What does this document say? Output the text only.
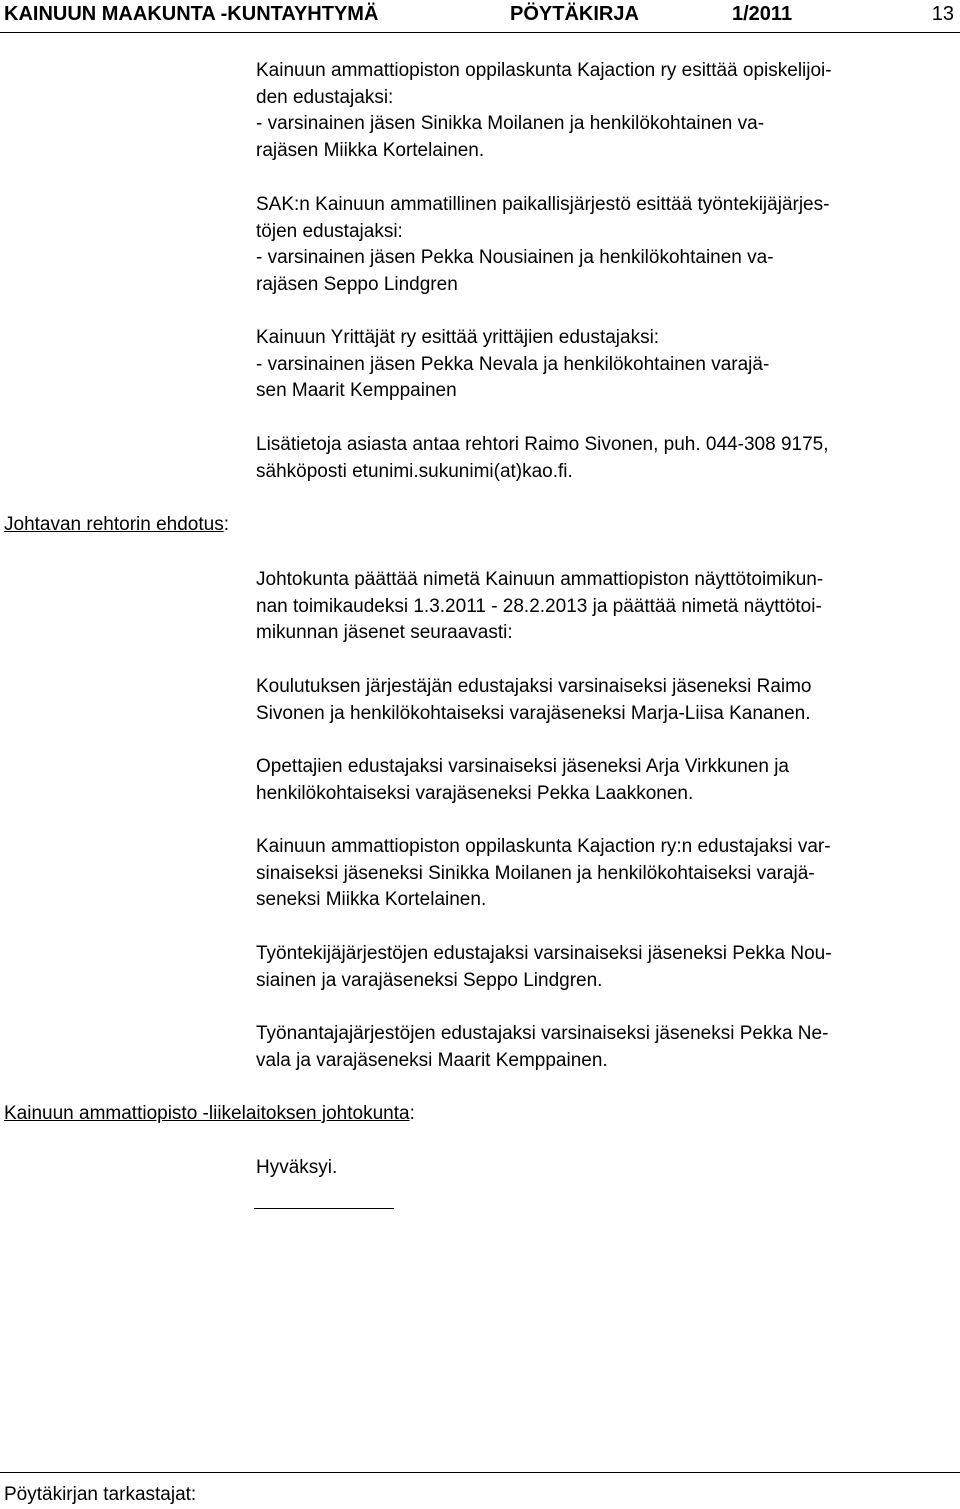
KAINUUN MAAKUNTA -KUNTAYHTYMÄ	PÖYTÄKIRJA	1/2011	13

Kainuun ammattiopiston oppilaskunta Kajaction ry esittää opiskelijoi-
den edustajaksi:
- varsinainen jäsen Sinikka Moilanen ja henkilökohtainen va-
rajäsen Miikka Kortelainen.

SAK:n Kainuun ammatillinen paikallisjärjestö esittää työntekijäjärjes-
töjen edustajaksi:
- varsinainen jäsen Pekka Nousiainen ja henkilökohtainen va-
rajäsen Seppo Lindgren

Kainuun Yrittäjät ry esittää yrittäjien edustajaksi:
- varsinainen jäsen Pekka Nevala ja henkilökohtainen varajä-
sen Maarit Kemppainen

Lisätietoja asiasta antaa rehtori Raimo Sivonen, puh. 044-308 9175,
sähköposti etunimi.sukunimi(at)kao.fi.

Johtavan rehtorin ehdotus:

Johtokunta päättää nimetä Kainuun ammattiopiston näyttötoimikun-
nan toimikaudeksi 1.3.2011 - 28.2.2013 ja päättää nimetä näyttötoi-
mikunnan jäsenet seuraavasti:

Koulutuksen järjestäjän edustajaksi varsinaiseksi jäseneksi Raimo
Sivonen ja henkilökohtaiseksi varajäseneksi Marja-Liisa Kananen.

Opettajien edustajaksi varsinaiseksi jäseneksi Arja Virkkunen ja
henkilökohtaiseksi varajäseneksi Pekka Laakkonen.

Kainuun ammattiopiston oppilaskunta Kajaction ry:n edustajaksi var-
sinaiseksi jäseneksi Sinikka Moilanen ja henkilökohtaiseksi varajä-
seneksi Miikka Kortelainen.

Työntekijäjärjestöjen edustajaksi varsinaiseksi jäseneksi Pekka Nou-
siainen ja varajäseneksi Seppo Lindgren.

Työnantajajärjestöjen edustajaksi varsinaiseksi jäseneksi Pekka Ne-
vala ja varajäseneksi Maarit Kemppainen.

Kainuun ammattiopisto -liikelaitoksen johtokunta:

Hyväksyi.

Pöytäkirjan tarkastajat:
